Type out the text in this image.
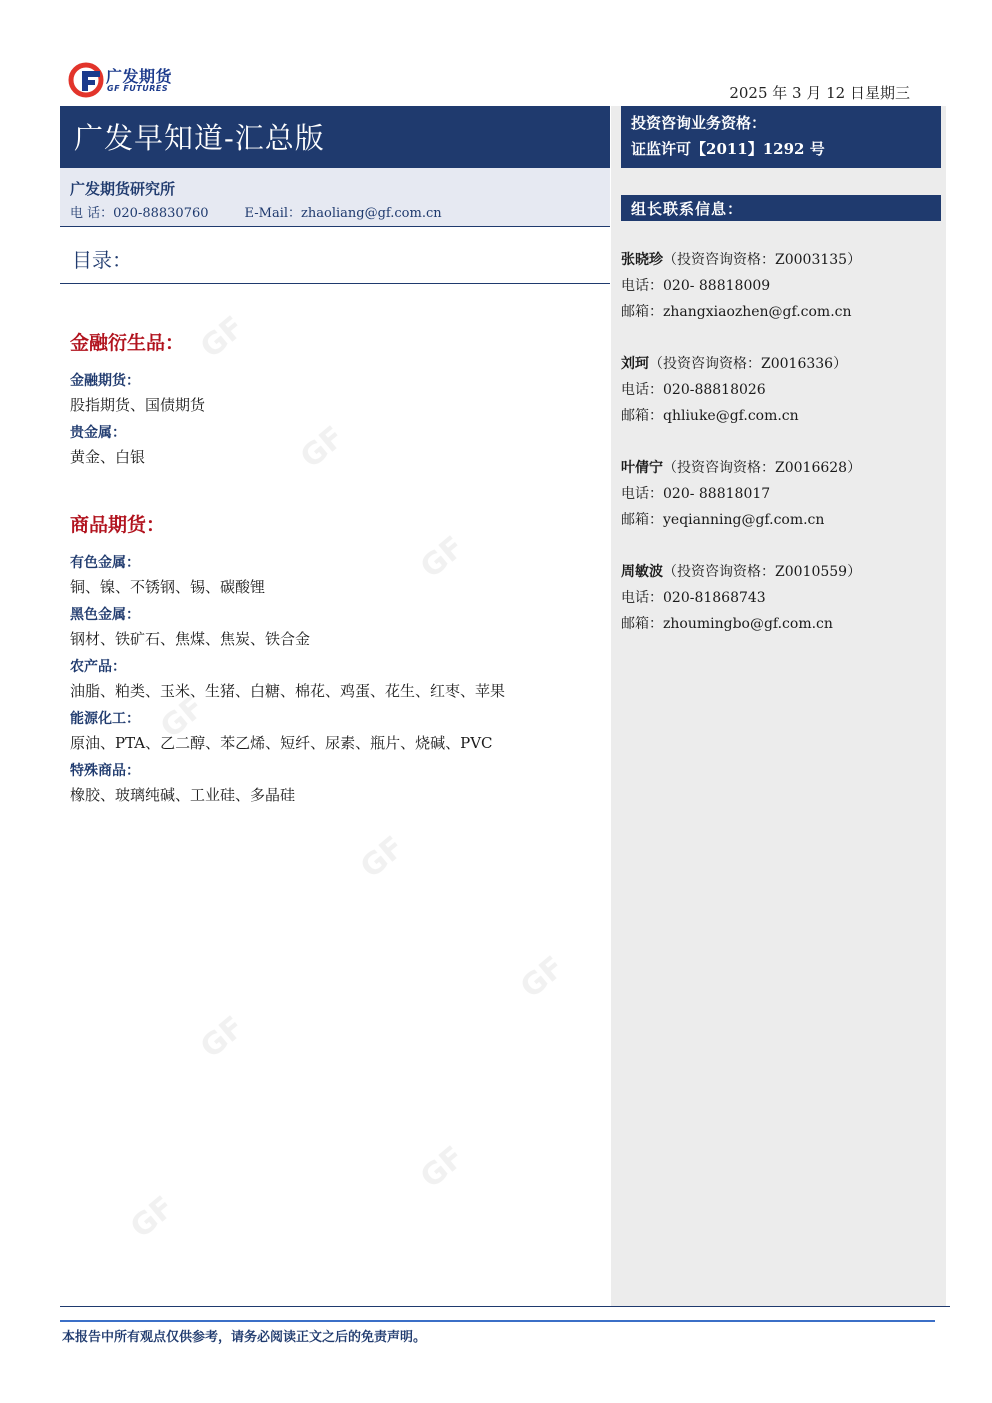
GF
GF
GF
GF
GF
GF
GF
GF
GF
广发期货
GF FUTURES	2025 年 3 月 12 日星期三
广发早知道-汇总版
广发期货研究所
电 话：020-88830760	E-Mail：zhaoliang@gf.com.cn
目录：
金融衍生品：
金融期货：
股指期货、国债期货
贵金属：
黄金、白银
商品期货：
有色金属：
铜、镍、不锈钢、锡、碳酸锂
黑色金属：
钢材、铁矿石、焦煤、焦炭、铁合金
农产品：
油脂、粕类、玉米、生猪、白糖、棉花、鸡蛋、花生、红枣、苹果
能源化工：
原油、PTA、乙二醇、苯乙烯、短纤、尿素、瓶片、烧碱、PVC
特殊商品：
橡胶、玻璃纯碱、工业硅、多晶硅
投资咨询业务资格：
证监许可【2011】1292 号
组长联系信息：
张晓珍（投资咨询资格：Z0003135）
电话：020- 88818009
邮箱：zhangxiaozhen@gf.com.cn
刘珂（投资咨询资格：Z0016336）
电话：020-88818026
邮箱：qhliuke@gf.com.cn
叶倩宁（投资咨询资格：Z0016628）
电话：020- 88818017
邮箱：yeqianning@gf.com.cn
周敏波（投资咨询资格：Z0010559）
电话：020-81868743
邮箱：zhoumingbo@gf.com.cn
本报告中所有观点仅供参考，请务必阅读正文之后的免责声明。
